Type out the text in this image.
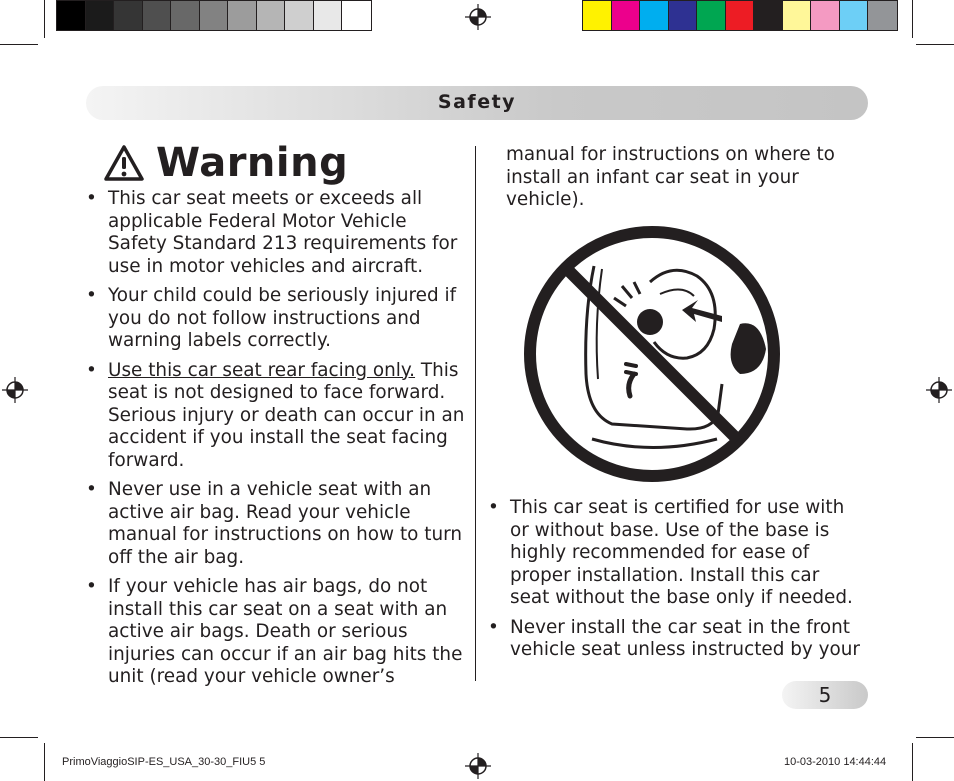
Safety
Warning
• This car seat meets or exceeds all applicable Federal Motor Vehicle Safety Standard 213 requirements for use in motor vehicles and aircraft.
• Your child could be seriously injured if you do not follow instructions and warning labels correctly.
• Use this car seat rear facing only. This seat is not designed to face forward. Serious injury or death can occur in an accident if you install the seat facing forward.
• Never use in a vehicle seat with an active air bag. Read your vehicle manual for instructions on how to turn off the air bag.
• If your vehicle has air bags, do not install this car seat on a seat with an active air bags. Death or serious injuries can occur if an air bag hits the unit (read your vehicle owner’s
manual for instructions on where to install an infant car seat in your vehicle).
• This car seat is certified for use with or without base. Use of the base is highly recommended for ease of proper installation. Install this car seat without the base only if needed.
• Never install the car seat in the front vehicle seat unless instructed by your
5
PrimoViaggioSIP-ES_USA_30-30_FIU5 5	10-03-2010 14:44:44
